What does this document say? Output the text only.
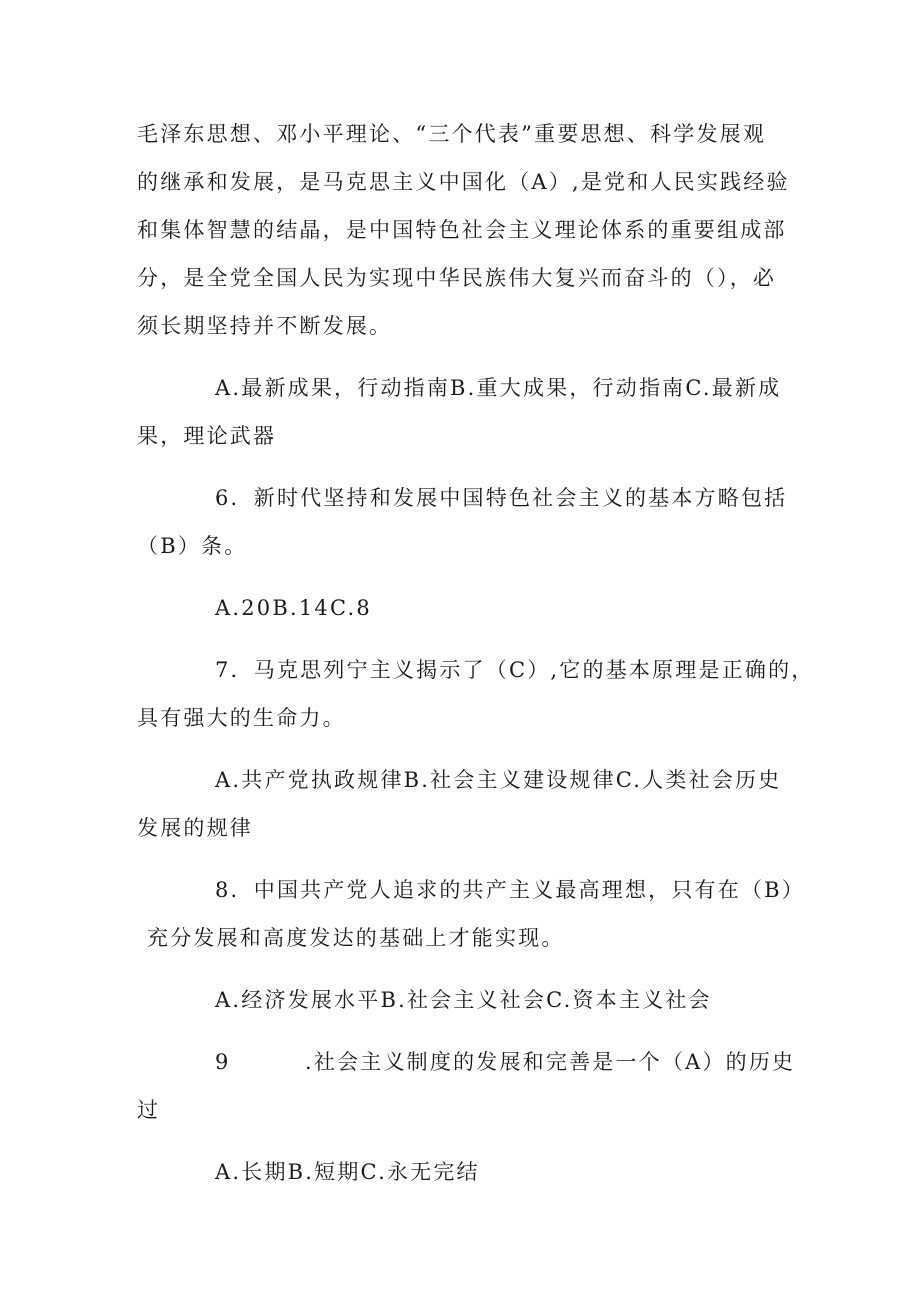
毛泽东思想、邓小平理论、“三个代表”重要思想、科学发展观
的继承和发展，是马克思主义中国化（A）,是党和人民实践经验
和集体智慧的结晶，是中国特色社会主义理论体系的重要组成部
分，是全党全国人民为实现中华民族伟大复兴而奋斗的（），必
须长期坚持并不断发展。
A.最新成果，行动指南B.重大成果，行动指南C.最新成
果，理论武器
6．新时代坚持和发展中国特色社会主义的基本方略包括
（B）条。
A.20B.14C.8
7．马克思列宁主义揭示了（C）,它的基本原理是正确的，
具有强大的生命力。
A.共产党执政规律B.社会主义建设规律C.人类社会历史
发展的规律
8．中国共产党人追求的共产主义最高理想，只有在（B）
充分发展和高度发达的基础上才能实现。
A.经济发展水平B.社会主义社会C.资本主义社会
9	.社会主义制度的发展和完善是一个（A）的历史
过
A.长期B.短期C.永无完结
